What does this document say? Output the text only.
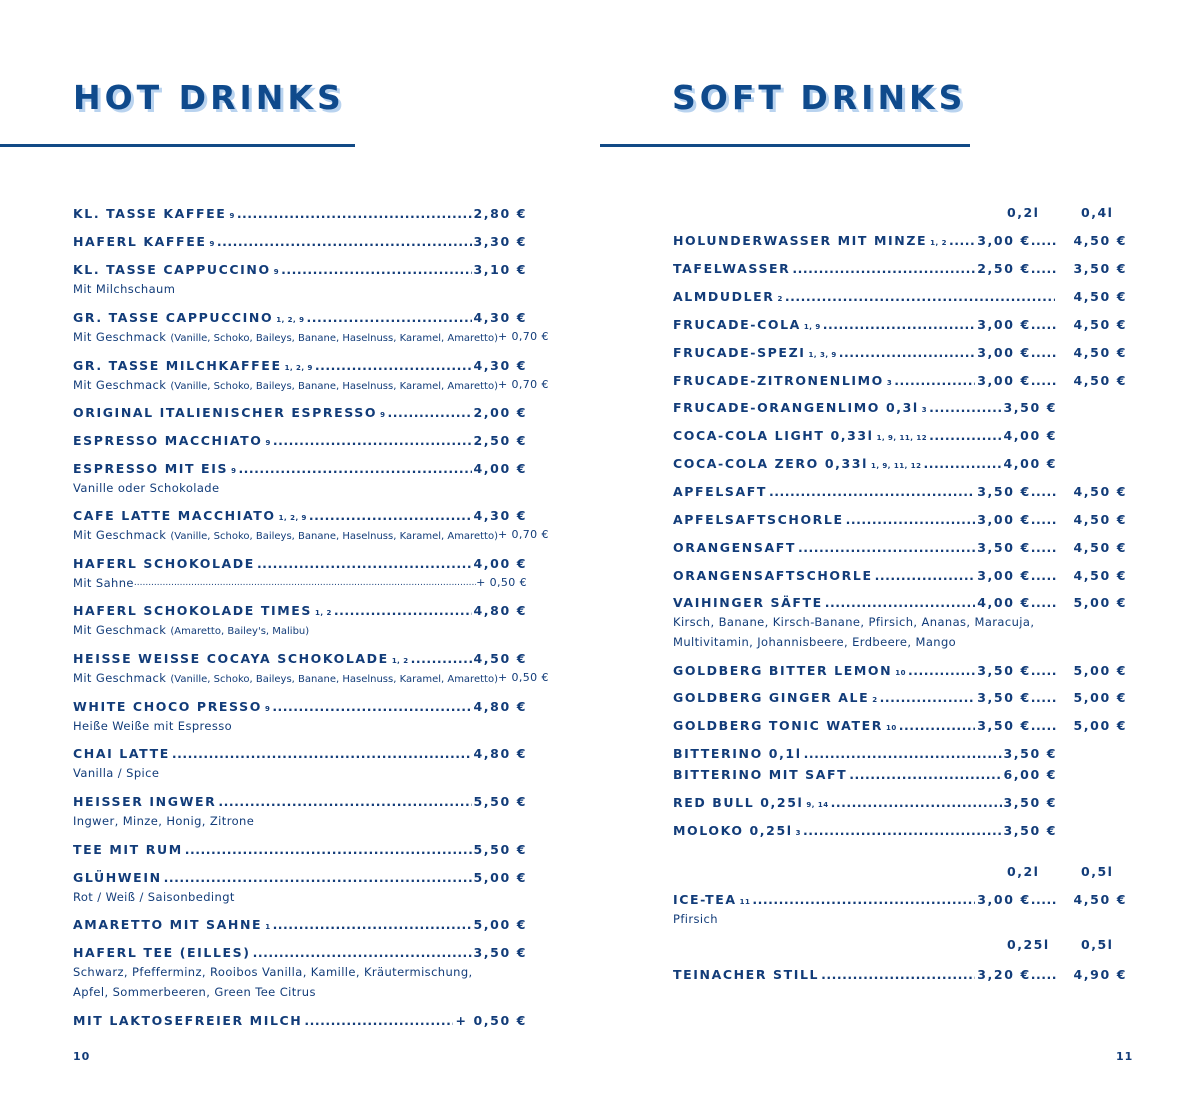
HOT DRINKS
KL. TASSE KAFFEE $_9$ .....	2,80 €
HAFERL KAFFEE $_9$ .....	3,30 €
KL. TASSE CAPPUCCINO $_9$ .....	3,10 €
Mit Milchschaum
GR. TASSE CAPPUCCINO $_{1, 2, 9}$ .....	4,30 €
Mit Geschmack (Vanille, Schoko, Baileys, Banane, Haselnuss, Karamel, Amaretto) + 0,70 €
GR. TASSE MILCHKAFFEE $_{1, 2, 9}$ .....	4,30 €
Mit Geschmack (Vanille, Schoko, Baileys, Banane, Haselnuss, Karamel, Amaretto) + 0,70 €
ORIGINAL ITALIENISCHER ESPRESSO $_9$ .....	2,00 €
ESPRESSO MACCHIATO $_9$ .....	2,50 €
ESPRESSO MIT EIS $_9$ .....	4,00 €
Vanille oder Schokolade
CAFE LATTE MACCHIATO $_{1, 2, 9}$ .....	4,30 €
Mit Geschmack (Vanille, Schoko, Baileys, Banane, Haselnuss, Karamel, Amaretto) + 0,70 €
HAFERL SCHOKOLADE .....	4,00 €
Mit Sahne .....	+ 0,50 €
HAFERL SCHOKOLADE TIMES $_{1, 2}$ .....	4,80 €
Mit Geschmack (Amaretto, Bailey's, Malibu)
HEISSE WEISSE COCAYA SCHOKOLADE $_{1, 2}$ .....	4,50 €
Mit Geschmack (Vanille, Schoko, Baileys, Banane, Haselnuss, Karamel, Amaretto) + 0,50 €
WHITE CHOCO PRESSO $_9$ .....	4,80 €
Heiße Weiße mit Espresso
CHAI LATTE .....	4,80 €
Vanilla / Spice
HEISSER INGWER .....	5,50 €
Ingwer, Minze, Honig, Zitrone
TEE MIT RUM .....	5,50 €
GLÜHWEIN .....	5,00 €
Rot / Weiß / Saisonbedingt
AMARETTO MIT SAHNE $_1$ .....	5,00 €
HAFERL TEE (EILLES) .....	3,50 €
Schwarz, Pfefferminz, Rooibos Vanilla, Kamille, Kräutermischung,
Apfel, Sommerbeeren, Green Tee Citrus
MIT LAKTOSEFREIER MILCH .....	+ 0,50 €
10
SOFT DRINKS
0,2l	0,4l
0,2l	0,5l
0,25l	0,5l
HOLUNDERWASSER MIT MINZE $_{1, 2}$ ..... 3,00 € .....	4,50 €
TAFELWASSER .....	2,50 € .....	3,50 €
ALMDUDLER $_2$ .....	4,50 €
FRUCADE-COLA $_{1, 9}$ .....	3,00 € .....	4,50 €
FRUCADE-SPEZI $_{1, 3, 9}$ .....	3,00 € .....	4,50 €
FRUCADE-ZITRONENLIMO $_3$ .....	3,00 € .....	4,50 €
FRUCADE-ORANGENLIMO 0,3l $_3$ .....	3,50 €
COCA-COLA LIGHT 0,33l $_{1, 9, 11, 12}$ .....	4,00 €
COCA-COLA ZERO 0,33l $_{1, 9, 11, 12}$ .....	4,00 €
APFELSAFT .....	3,50 € .....	4,50 €
APFELSAFTSCHORLE .....	3,00 € .....	4,50 €
ORANGENSAFT .....	3,50 € .....	4,50 €
ORANGENSAFTSCHORLE .....	3,00 € .....	4,50 €
VAIHINGER SÄFTE .....	4,00 € .....	5,00 €
Kirsch, Banane, Kirsch-Banane, Pfirsich, Ananas, Maracuja,
Multivitamin, Johannisbeere, Erdbeere, Mango
GOLDBERG BITTER LEMON $_{10}$ .....	3,50 € .....	5,00 €
GOLDBERG GINGER ALE $_2$ .....	3,50 € .....	5,00 €
GOLDBERG TONIC WATER $_{10}$ .....	3,50 € .....	5,00 €
BITTERINO 0,1l .....	3,50 €
BITTERINO MIT SAFT .....	6,00 €
RED BULL 0,25l $_{9, 14}$ .....	3,50 €
MOLOKO 0,25l $_3$ .....	3,50 €
ICE-TEA $_{11}$ .....	3,00 € .....	4,50 €
Pfirsich
TEINACHER STILL .....	3,20 € .....	4,90 €
11
